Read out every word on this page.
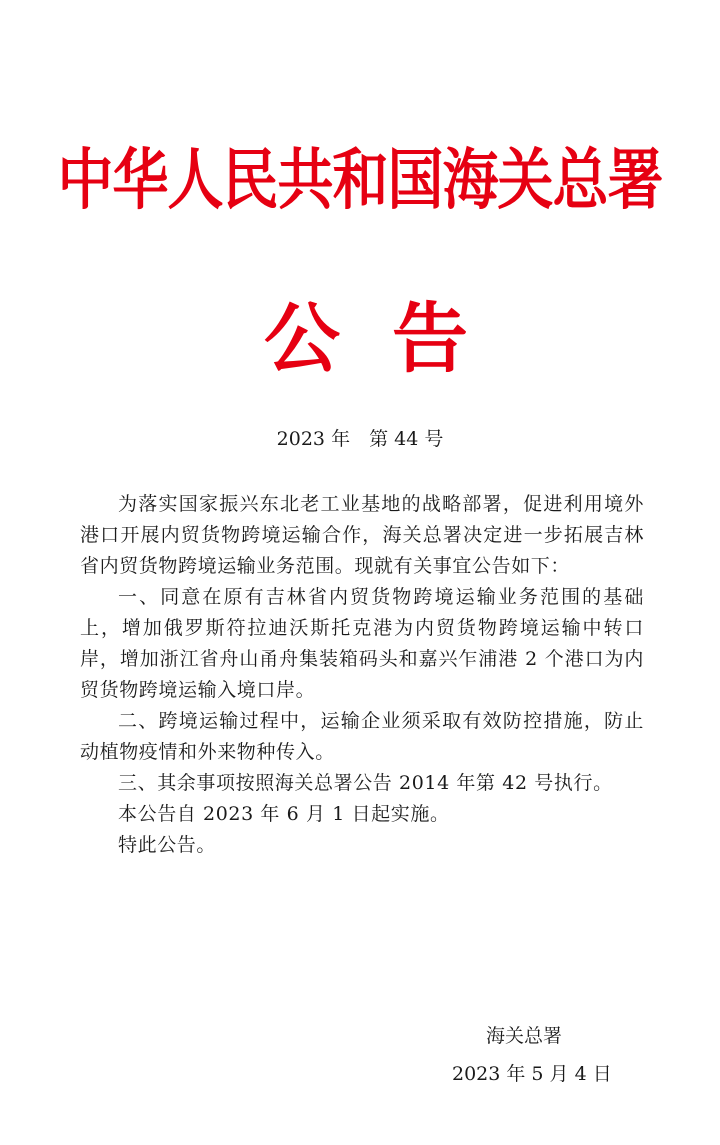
中华人民共和国海关总署
公 告
2023 年　第 44 号

为落实国家振兴东北老工业基地的战略部署，促进利用境外港口开展内贸货物跨境运输合作，海关总署决定进一步拓展吉林省内贸货物跨境运输业务范围。现就有关事宜公告如下：

一、同意在原有吉林省内贸货物跨境运输业务范围的基础上，增加俄罗斯符拉迪沃斯托克港为内贸货物跨境运输中转口岸，增加浙江省舟山甬舟集装箱码头和嘉兴乍浦港 2 个港口为内贸货物跨境运输入境口岸。

二、跨境运输过程中，运输企业须采取有效防控措施，防止动植物疫情和外来物种传入。

三、其余事项按照海关总署公告 2014 年第 42 号执行。

本公告自 2023 年 6 月 1 日起实施。

特此公告。

海关总署
2023 年 5 月 4 日
